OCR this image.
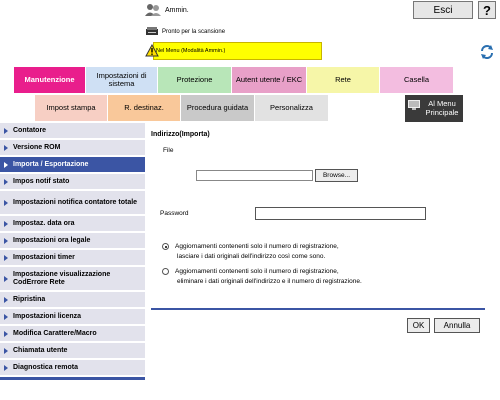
Ammin.	Esci	?
Pronto per la scansione
Nel Menu (Modalità Ammin.)
Manutenzione	Impostazioni di sistema	Protezione	Autent utente / EKC	Rete	Casella
Impost stampa	R. destinaz.	Procedura guidata	Personalizza	Al Menu
Principale
Contatore
Versione ROM
Importa / Esportazione
Impos notif stato
Impostazioni notifica contatore totale
Impostaz. data ora
Impostazioni ora legale
Impostazioni timer
Impostazione visualizzazione CodErrore Rete
Ripristina
Impostazioni licenza
Modifica Carattere/Macro
Chiamata utente
Diagnostica remota
Indirizzo(Importa)
File
Browse...
Password
Aggiornamenti contenenti solo il numero di registrazione,
lasciare i dati originali dell'indirizzo così come sono.
Aggiornamenti contenenti solo il numero di registrazione,
eliminare i dati originali dell'indirizzo e il numero di registrazione.
OK	Annulla
